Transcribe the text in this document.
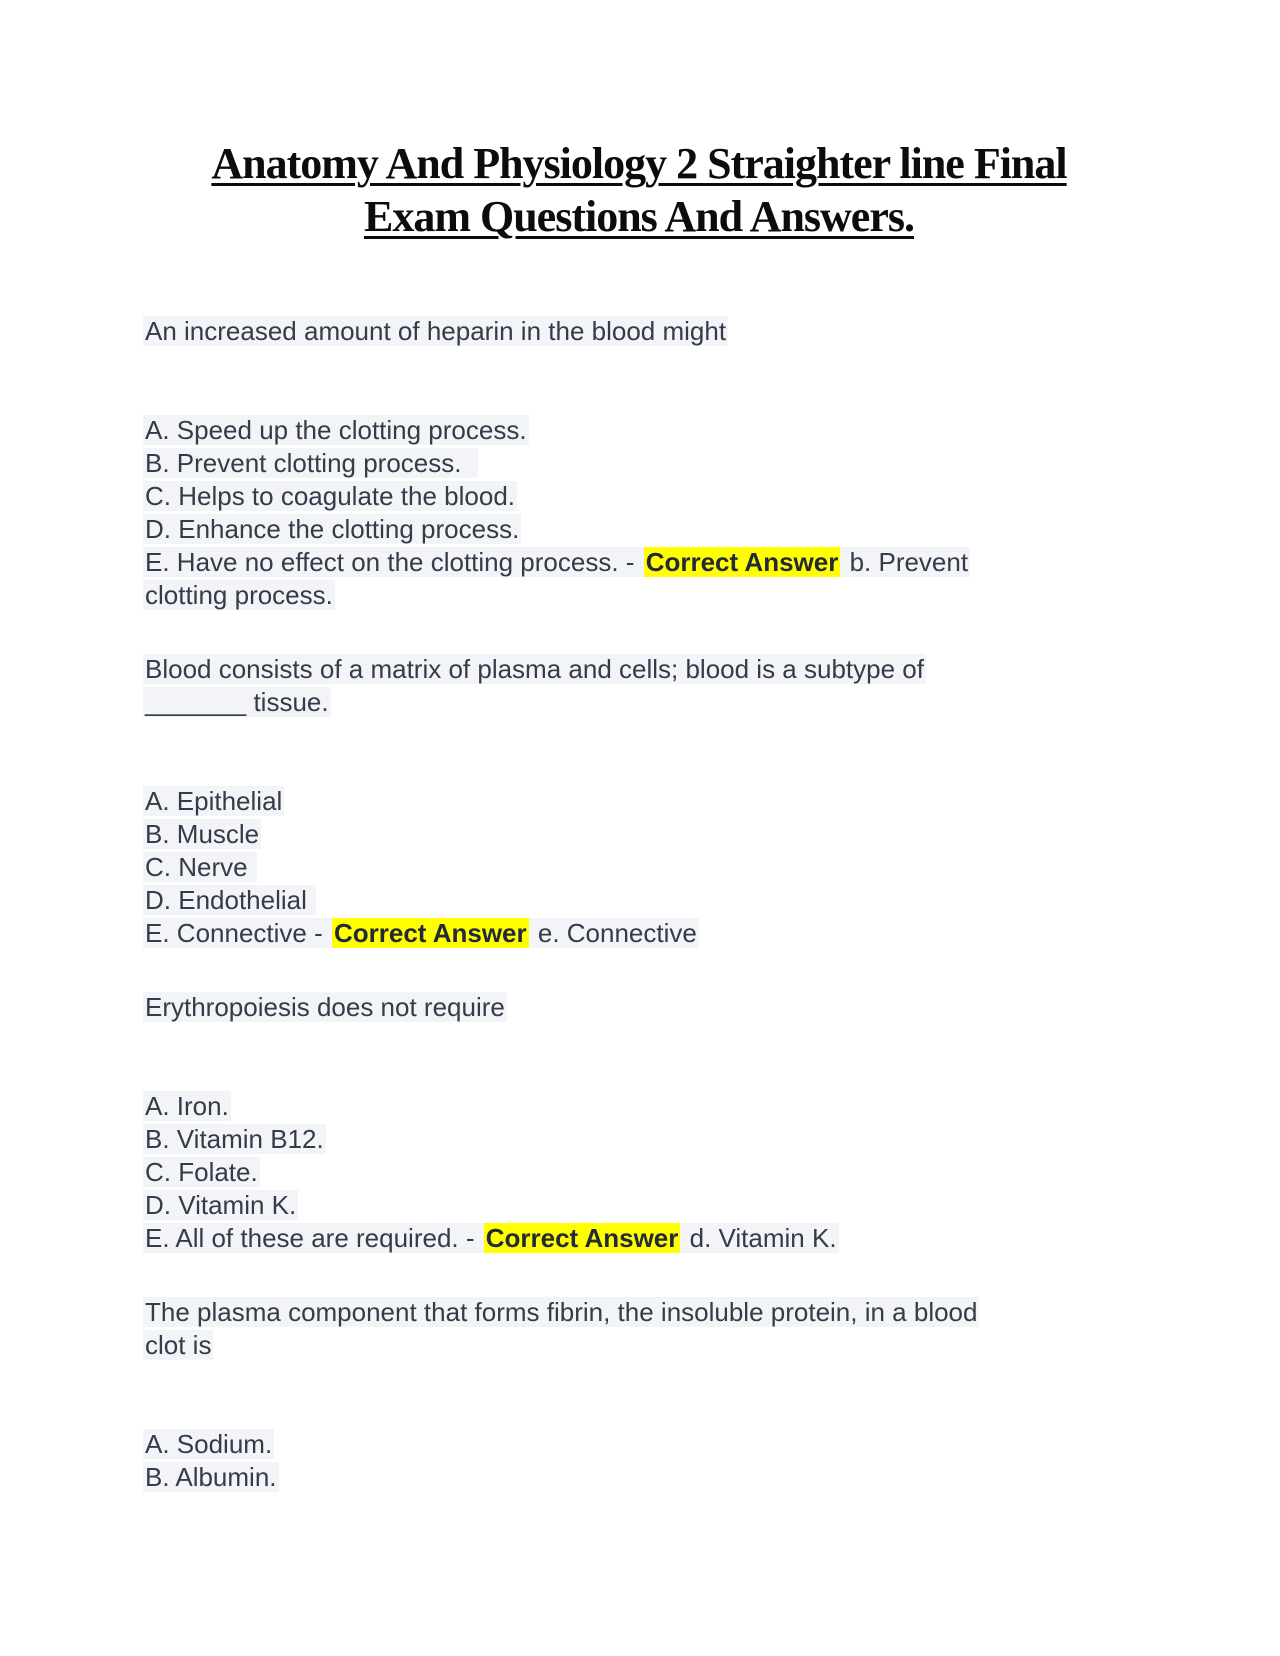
Anatomy And Physiology 2 Straighter line Final
Exam Questions And Answers.
An increased amount of heparin in the blood might
A. Speed up the clotting process.
B. Prevent clotting process.
C. Helps to coagulate the blood.
D. Enhance the clotting process.
E. Have no effect on the clotting process. - Correct Answer b. Prevent
clotting process.
Blood consists of a matrix of plasma and cells; blood is a subtype of
_______ tissue.
A. Epithelial
B. Muscle
C. Nerve
D. Endothelial
E. Connective - Correct Answer e. Connective
Erythropoiesis does not require
A. Iron.
B. Vitamin B12.
C. Folate.
D. Vitamin K.
E. All of these are required. - Correct Answer d. Vitamin K.
The plasma component that forms fibrin, the insoluble protein, in a blood
clot is
A. Sodium.
B. Albumin.
